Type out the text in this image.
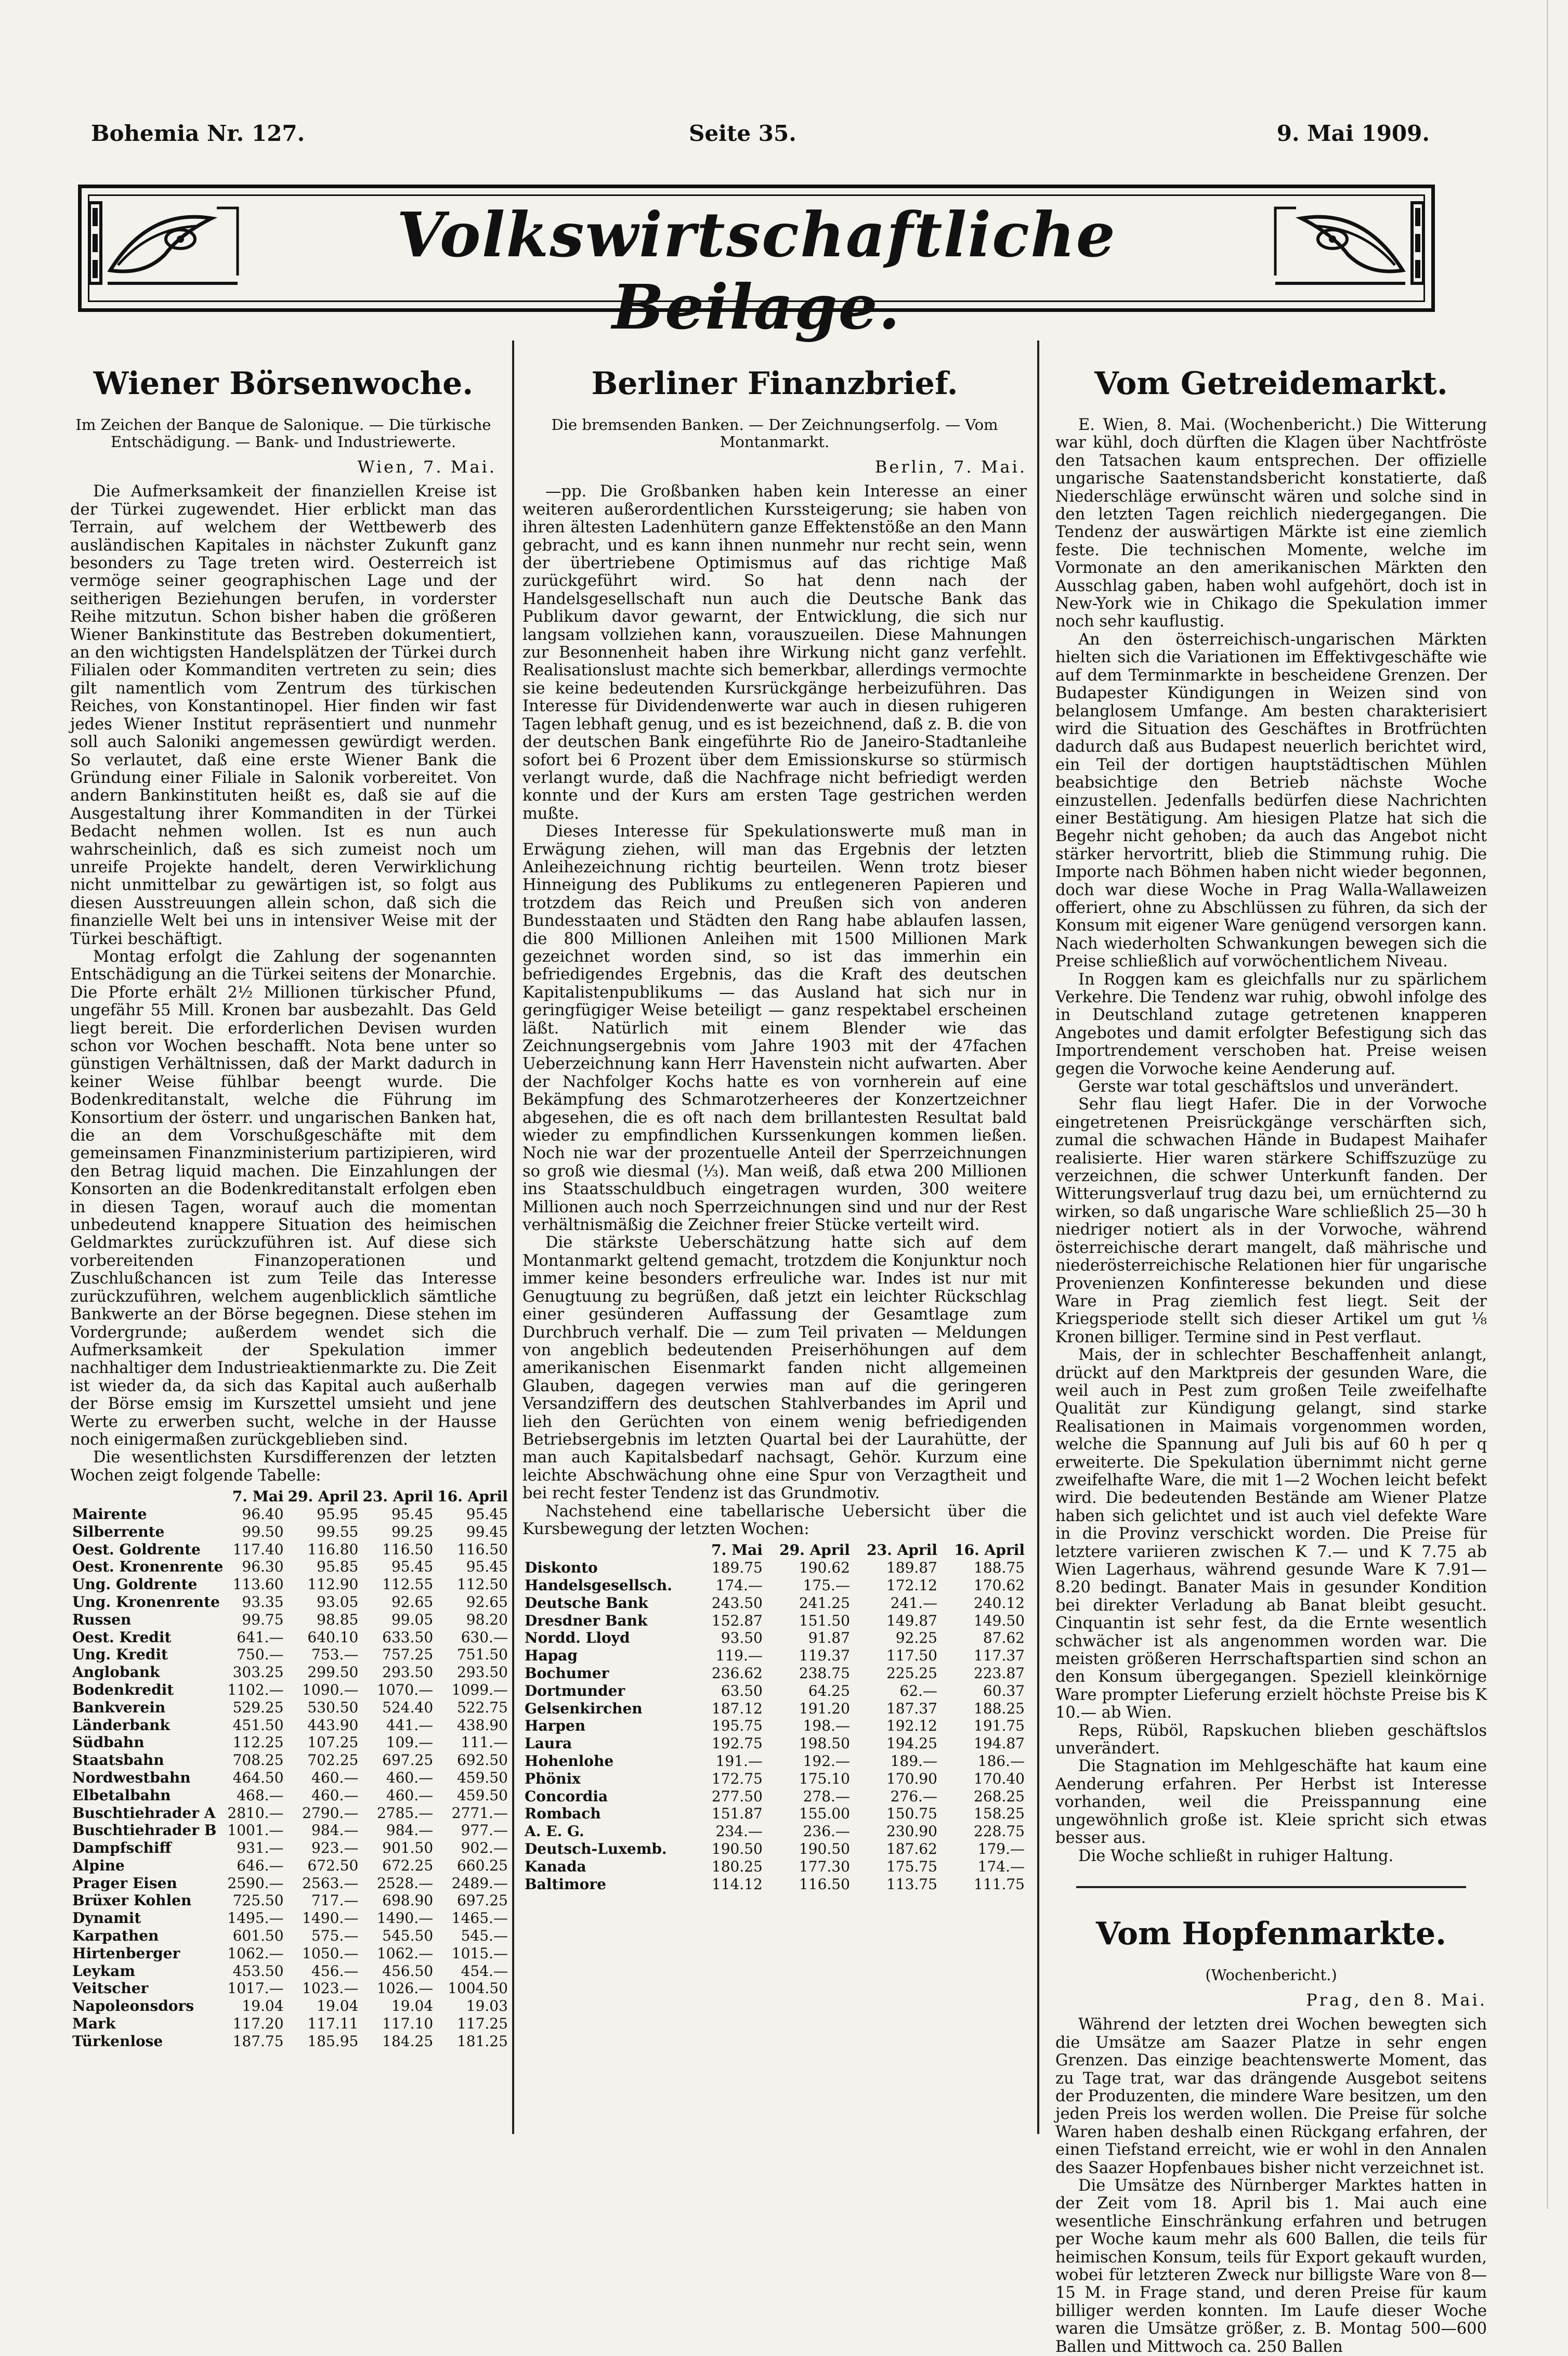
Bohemia Nr. 127.	Seite 35.	9. Mai 1909.
Volkswirtschaftliche Beilage.
Wiener Börsenwoche.
Im Zeichen der Banque de Salonique. — Die türkische Entschädigung. — Bank- und Industriewerte.
Wien, 7. Mai.

Die Aufmerksamkeit der finanziellen Kreise ist der Türkei zugewendet. Hier erblickt man das Terrain, auf welchem der Wettbewerb des ausländischen Kapitales in nächster Zukunft ganz besonders zu Tage treten wird. Oesterreich ist vermöge seiner geographischen Lage und der seitherigen Beziehungen berufen, in vorderster Reihe mitzutun. Schon bisher haben die größeren Wiener Bankinstitute das Bestreben dokumentiert, an den wichtigsten Handelsplätzen der Türkei durch Filialen oder Kommanditen vertreten zu sein; dies gilt namentlich vom Zentrum des türkischen Reiches, von Konstantinopel. Hier finden wir fast jedes Wiener Institut repräsentiert und nunmehr soll auch Saloniki angemessen gewürdigt werden. So verlautet, daß eine erste Wiener Bank die Gründung einer Filiale in Salonik vorbereitet. Von andern Bankinstituten heißt es, daß sie auf die Ausgestaltung ihrer Kommanditen in der Türkei Bedacht nehmen wollen. Ist es nun auch wahrscheinlich, daß es sich zumeist noch um unreife Projekte handelt, deren Verwirklichung nicht unmittelbar zu gewärtigen ist, so folgt aus diesen Ausstreuungen allein schon, daß sich die finanzielle Welt bei uns in intensiver Weise mit der Türkei beschäftigt.

Montag erfolgt die Zahlung der sogenannten Entschädigung an die Türkei seitens der Monarchie. Die Pforte erhält 2½ Millionen türkischer Pfund, ungefähr 55 Mill. Kronen bar ausbezahlt. Das Geld liegt bereit. Die erforderlichen Devisen wurden schon vor Wochen beschafft. Nota bene unter so günstigen Verhältnissen, daß der Markt dadurch in keiner Weise fühlbar beengt wurde. Die Bodenkreditanstalt, welche die Führung im Konsortium der österr. und ungarischen Banken hat, die an dem Vorschußgeschäfte mit dem gemeinsamen Finanzministerium partizipieren, wird den Betrag liquid machen. Die Einzahlungen der Konsorten an die Bodenkreditanstalt erfolgen eben in diesen Tagen, worauf auch die momentan unbedeutend knappere Situation des heimischen Geldmarktes zurückzuführen ist. Auf diese sich vorbereitenden Finanzoperationen und Zuschlußchancen ist zum Teile das Interesse zurückzuführen, welchem augenblicklich sämtliche Bankwerte an der Börse begegnen. Diese stehen im Vordergrunde; außerdem wendet sich die Aufmerksamkeit der Spekulation immer nachhaltiger dem Industrieaktienmarkte zu. Die Zeit ist wieder da, da sich das Kapital auch außerhalb der Börse emsig im Kurszettel umsieht und jene Werte zu erwerben sucht, welche in der Hausse noch einigermaßen zurückgeblieben sind.

Die wesentlichsten Kursdifferenzen der letzten Wochen zeigt folgende Tabelle:

	7. Mai	29. April	23. April	16. April
Mairente	96.40	95.95	95.45	95.45
Silberrente	99.50	99.55	99.25	99.45
Oest. Goldrente	117.40	116.80	116.50	116.50
Oest. Kronenrente	96.30	95.85	95.45	95.45
Ung. Goldrente	113.60	112.90	112.55	112.50
Ung. Kronenrente	93.35	93.05	92.65	92.65
Russen	99.75	98.85	99.05	98.20
Oest. Kredit	641.—	640.10	633.50	630.—
Ung. Kredit	750.—	753.—	757.25	751.50
Anglobank	303.25	299.50	293.50	293.50
Bodenkredit	1102.—	1090.—	1070.—	1099.—
Bankverein	529.25	530.50	524.40	522.75
Länderbank	451.50	443.90	441.—	438.90
Südbahn	112.25	107.25	109.—	111.—
Staatsbahn	708.25	702.25	697.25	692.50
Nordwestbahn	464.50	460.—	460.—	459.50
Elbetalbahn	468.—	460.—	460.—	459.50
Buschtiehrader A	2810.—	2790.—	2785.—	2771.—
Buschtiehrader B	1001.—	984.—	984.—	977.—
Dampfschiff	931.—	923.—	901.50	902.—
Alpine	646.—	672.50	672.25	660.25
Prager Eisen	2590.—	2563.—	2528.—	2489.—
Brüxer Kohlen	725.50	717.—	698.90	697.25
Dynamit	1495.—	1490.—	1490.—	1465.—
Karpathen	601.50	575.—	545.50	545.—
Hirtenberger	1062.—	1050.—	1062.—	1015.—
Leykam	453.50	456.—	456.50	454.—
Veitscher	1017.—	1023.—	1026.—	1004.50
Napoleonsdors	19.04	19.04	19.04	19.03
Mark	117.20	117.11	117.10	117.25
Türkenlose	187.75	185.95	184.25	181.25
Berliner Finanzbrief.
Die bremsenden Banken. — Der Zeichnungserfolg. — Vom Montanmarkt.
Berlin, 7. Mai.

—pp. Die Großbanken haben kein Interesse an einer weiteren außerordentlichen Kurssteigerung; sie haben von ihren ältesten Ladenhütern ganze Effektenstöße an den Mann gebracht, und es kann ihnen nunmehr nur recht sein, wenn der übertriebene Optimismus auf das richtige Maß zurückgeführt wird. So hat denn nach der Handelsgesellschaft nun auch die Deutsche Bank das Publikum davor gewarnt, der Entwicklung, die sich nur langsam vollziehen kann, vorauszueilen. Diese Mahnungen zur Besonnenheit haben ihre Wirkung nicht ganz verfehlt. Realisationslust machte sich bemerkbar, allerdings vermochte sie keine bedeutenden Kursrückgänge herbeizuführen. Das Interesse für Dividendenwerte war auch in diesen ruhigeren Tagen lebhaft genug, und es ist bezeichnend, daß z. B. die von der deutschen Bank eingeführte Rio de Janeiro-Stadtanleihe sofort bei 6 Prozent über dem Emissionskurse so stürmisch verlangt wurde, daß die Nachfrage nicht befriedigt werden konnte und der Kurs am ersten Tage gestrichen werden mußte.

Dieses Interesse für Spekulationswerte muß man in Erwägung ziehen, will man das Ergebnis der letzten Anleihezeichnung richtig beurteilen. Wenn trotz bieser Hinneigung des Publikums zu entlegeneren Papieren und trotzdem das Reich und Preußen sich von anderen Bundesstaaten und Städten den Rang habe ablaufen lassen, die 800 Millionen Anleihen mit 1500 Millionen Mark gezeichnet worden sind, so ist das immerhin ein befriedigendes Ergebnis, das die Kraft des deutschen Kapitalistenpublikums — das Ausland hat sich nur in geringfügiger Weise beteiligt — ganz respektabel erscheinen läßt. Natürlich mit einem Blender wie das Zeichnungsergebnis vom Jahre 1903 mit der 47fachen Ueberzeichnung kann Herr Havenstein nicht aufwarten. Aber der Nachfolger Kochs hatte es von vornherein auf eine Bekämpfung des Schmarotzerheeres der Konzertzeichner abgesehen, die es oft nach dem brillantesten Resultat bald wieder zu empfindlichen Kurssenkungen kommen ließen. Noch nie war der prozentuelle Anteil der Sperrzeichnungen so groß wie diesmal (⅓). Man weiß, daß etwa 200 Millionen ins Staatsschuldbuch eingetragen wurden, 300 weitere Millionen auch noch Sperrzeichnungen sind und nur der Rest verhältnismäßig die Zeichner freier Stücke verteilt wird.

Die stärkste Ueberschätzung hatte sich auf dem Montanmarkt geltend gemacht, trotzdem die Konjunktur noch immer keine besonders erfreuliche war. Indes ist nur mit Genugtuung zu begrüßen, daß jetzt ein leichter Rückschlag einer gesünderen Auffassung der Gesamtlage zum Durchbruch verhalf. Die — zum Teil privaten — Meldungen von angeblich bedeutenden Preiserhöhungen auf dem amerikanischen Eisenmarkt fanden nicht allgemeinen Glauben, dagegen verwies man auf die geringeren Versandziffern des deutschen Stahlverbandes im April und lieh den Gerüchten von einem wenig befriedigenden Betriebsergebnis im letzten Quartal bei der Laurahütte, der man auch Kapitalsbedarf nachsagt, Gehör. Kurzum eine leichte Abschwächung ohne eine Spur von Verzagtheit und bei recht fester Tendenz ist das Grundmotiv.

Nachstehend eine tabellarische Uebersicht über die Kursbewegung der letzten Wochen:

	7. Mai	29. April	23. April	16. April
Diskonto	189.75	190.62	189.87	188.75
Handelsgesellsch.	174.—	175.—	172.12	170.62
Deutsche Bank	243.50	241.25	241.—	240.12
Dresdner Bank	152.87	151.50	149.87	149.50
Nordd. Lloyd	93.50	91.87	92.25	87.62
Hapag	119.—	119.37	117.50	117.37
Bochumer	236.62	238.75	225.25	223.87
Dortmunder	63.50	64.25	62.—	60.37
Gelsenkirchen	187.12	191.20	187.37	188.25
Harpen	195.75	198.—	192.12	191.75
Laura	192.75	198.50	194.25	194.87
Hohenlohe	191.—	192.—	189.—	186.—
Phönix	172.75	175.10	170.90	170.40
Concordia	277.50	278.—	276.—	268.25
Rombach	151.87	155.00	150.75	158.25
A. E. G.	234.—	236.—	230.90	228.75
Deutsch-Luxemb.	190.50	190.50	187.62	179.—
Kanada	180.25	177.30	175.75	174.—
Baltimore	114.12	116.50	113.75	111.75
Vom Getreidemarkt.

E. Wien, 8. Mai. (Wochenbericht.) Die Witterung war kühl, doch dürften die Klagen über Nachtfröste den Tatsachen kaum entsprechen. Der offizielle ungarische Saatenstandsbericht konstatierte, daß Niederschläge erwünscht wären und solche sind in den letzten Tagen reichlich niedergegangen. Die Tendenz der auswärtigen Märkte ist eine ziemlich feste. Die technischen Momente, welche im Vormonate an den amerikanischen Märkten den Ausschlag gaben, haben wohl aufgehört, doch ist in New-York wie in Chikago die Spekulation immer noch sehr kauflustig.

An den österreichisch-ungarischen Märkten hielten sich die Variationen im Effektivgeschäfte wie auf dem Terminmarkte in bescheidene Grenzen. Der Budapester Kündigungen in Weizen sind von belanglosem Umfange. Am besten charakterisiert wird die Situation des Geschäftes in Brotfrüchten dadurch daß aus Budapest neuerlich berichtet wird, ein Teil der dortigen hauptstädtischen Mühlen beabsichtige den Betrieb nächste Woche einzustellen. Jedenfalls bedürfen diese Nachrichten einer Bestätigung. Am hiesigen Platze hat sich die Begehr nicht gehoben; da auch das Angebot nicht stärker hervortritt, blieb die Stimmung ruhig. Die Importe nach Böhmen haben nicht wieder begonnen, doch war diese Woche in Prag Walla-Wallaweizen offeriert, ohne zu Abschlüssen zu führen, da sich der Konsum mit eigener Ware genügend versorgen kann. Nach wiederholten Schwankungen bewegen sich die Preise schließlich auf vorwöchentlichem Niveau.

In Roggen kam es gleichfalls nur zu spärlichem Verkehre. Die Tendenz war ruhig, obwohl infolge des in Deutschland zutage getretenen knapperen Angebotes und damit erfolgter Befestigung sich das Importrendement verschoben hat. Preise weisen gegen die Vorwoche keine Aenderung auf.

Gerste war total geschäftslos und unverändert.

Sehr flau liegt Hafer. Die in der Vorwoche eingetretenen Preisrückgänge verschärften sich, zumal die schwachen Hände in Budapest Maihafer realisierte. Hier waren stärkere Schiffszuzüge zu verzeichnen, die schwer Unterkunft fanden. Der Witterungsverlauf trug dazu bei, um ernüchternd zu wirken, so daß ungarische Ware schließlich 25—30 h niedriger notiert als in der Vorwoche, während österreichische derart mangelt, daß mährische und niederösterreichische Relationen hier für ungarische Provenienzen Konfinteresse bekunden und diese Ware in Prag ziemlich fest liegt. Seit der Kriegsperiode stellt sich dieser Artikel um gut ⅛ Kronen billiger. Termine sind in Pest verflaut.

Mais, der in schlechter Beschaffenheit anlangt, drückt auf den Marktpreis der gesunden Ware, die weil auch in Pest zum großen Teile zweifelhafte Qualität zur Kündigung gelangt, sind starke Realisationen in Maimais vorgenommen worden, welche die Spannung auf Juli bis auf 60 h per q erweiterte. Die Spekulation übernimmt nicht gerne zweifelhafte Ware, die mit 1—2 Wochen leicht befekt wird. Die bedeutenden Bestände am Wiener Platze haben sich gelichtet und ist auch viel defekte Ware in die Provinz verschickt worden. Die Preise für letztere variieren zwischen K 7.— und K 7.75 ab Wien Lagerhaus, während gesunde Ware K 7.91—8.20 bedingt. Banater Mais in gesunder Kondition bei direkter Verladung ab Banat bleibt gesucht. Cinquantin ist sehr fest, da die Ernte wesentlich schwächer ist als angenommen worden war. Die meisten größeren Herrschaftspartien sind schon an den Konsum übergegangen. Speziell kleinkörnige Ware prompter Lieferung erzielt höchste Preise bis K 10.— ab Wien.

Reps, Rüböl, Rapskuchen blieben geschäftslos unverändert.

Die Stagnation im Mehlgeschäfte hat kaum eine Aenderung erfahren. Per Herbst ist Interesse vorhanden, weil die Preisspannung eine ungewöhnlich große ist. Kleie spricht sich etwas besser aus.

Die Woche schließt in ruhiger Haltung.

Vom Hopfenmarkte.
(Wochenbericht.)
Prag, den 8. Mai.

Während der letzten drei Wochen bewegten sich die Umsätze am Saazer Platze in sehr engen Grenzen. Das einzige beachtenswerte Moment, das zu Tage trat, war das drängende Ausgebot seitens der Produzenten, die mindere Ware besitzen, um den jeden Preis los werden wollen. Die Preise für solche Waren haben deshalb einen Rückgang erfahren, der einen Tiefstand erreicht, wie er wohl in den Annalen des Saazer Hopfenbaues bisher nicht verzeichnet ist.

Die Umsätze des Nürnberger Marktes hatten in der Zeit vom 18. April bis 1. Mai auch eine wesentliche Einschränkung erfahren und betrugen per Woche kaum mehr als 600 Ballen, die teils für heimischen Konsum, teils für Export gekauft wurden, wobei für letzteren Zweck nur billigste Ware von 8—15 M. in Frage stand, und deren Preise für kaum billiger werden konnten. Im Laufe dieser Woche waren die Umsätze größer, z. B. Montag 500—600 Ballen und Mittwoch ca. 250 Ballen
